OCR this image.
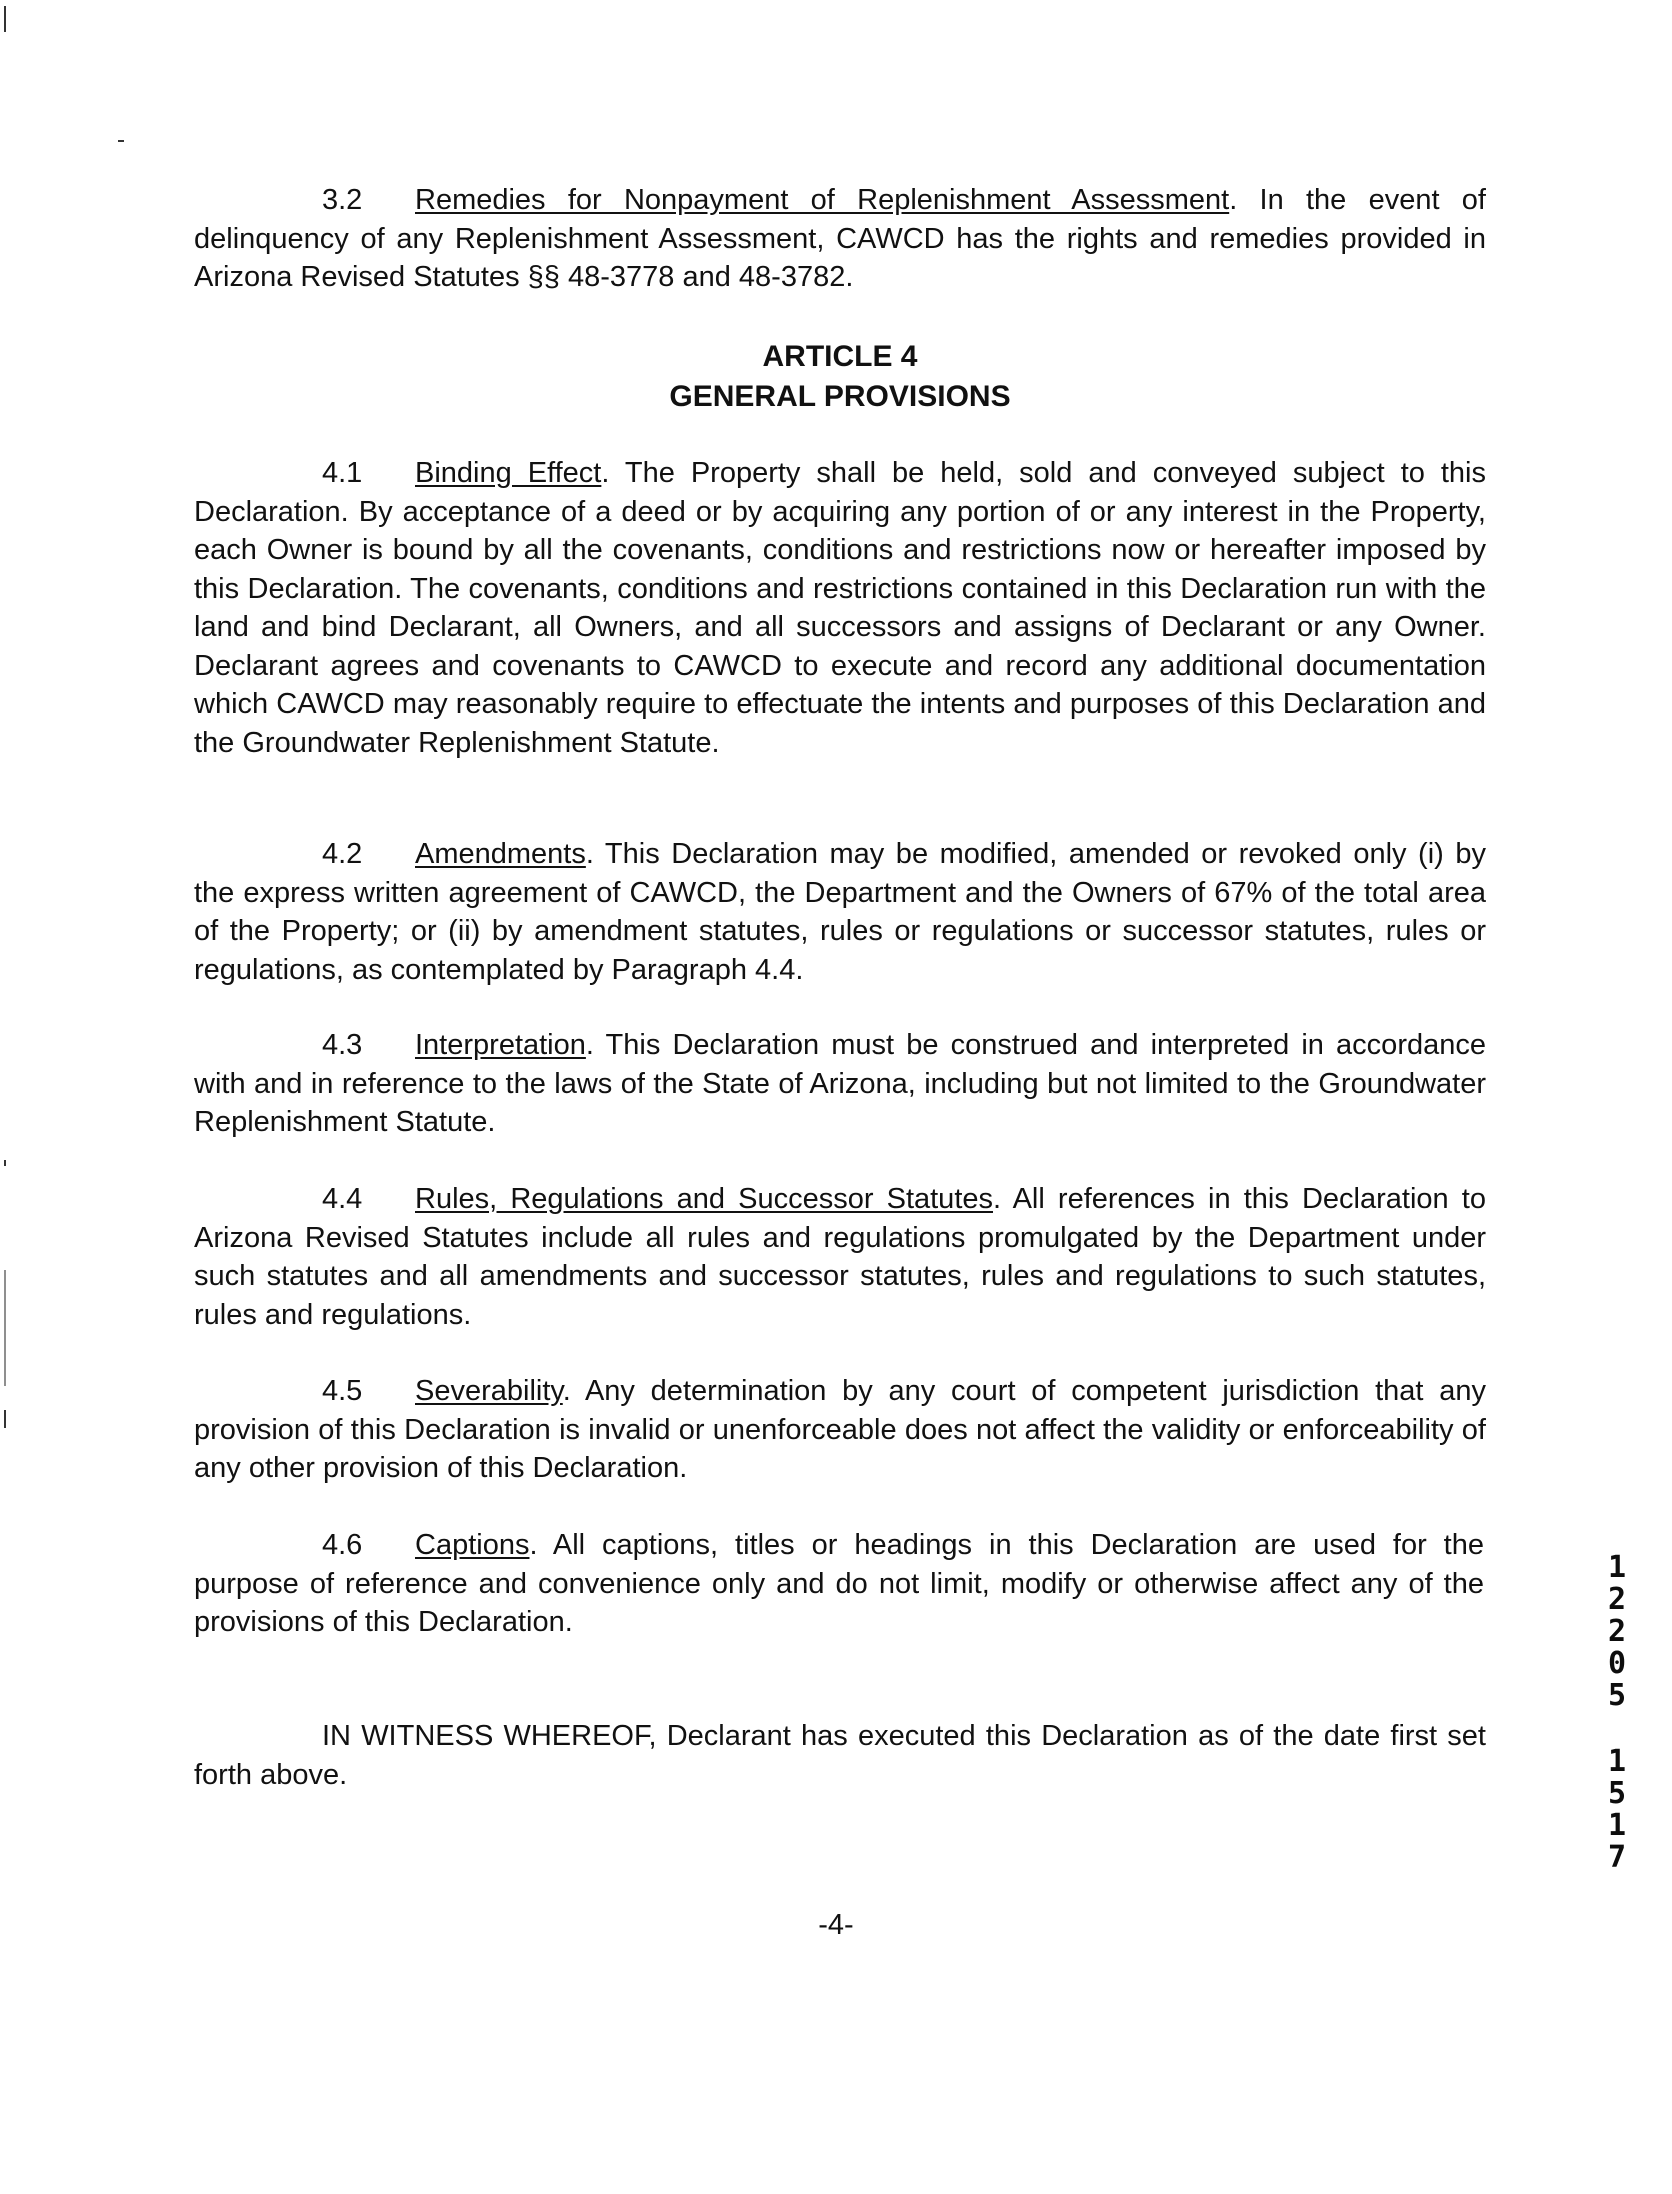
3.2 Remedies for Nonpayment of Replenishment Assessment. In the event of delinquency of any Replenishment Assessment, CAWCD has the rights and remedies provided in Arizona Revised Statutes §§ 48-3778 and 48-3782.

ARTICLE 4
GENERAL PROVISIONS

4.1 Binding Effect. The Property shall be held, sold and conveyed subject to this Declaration. By acceptance of a deed or by acquiring any portion of or any interest in the Property, each Owner is bound by all the covenants, conditions and restrictions now or hereafter imposed by this Declaration. The covenants, conditions and restrictions contained in this Declaration run with the land and bind Declarant, all Owners, and all successors and assigns of Declarant or any Owner. Declarant agrees and covenants to CAWCD to execute and record any additional documentation which CAWCD may reasonably require to effectuate the intents and purposes of this Declaration and the Groundwater Replenishment Statute.

4.2 Amendments. This Declaration may be modified, amended or revoked only (i) by the express written agreement of CAWCD, the Department and the Owners of 67% of the total area of the Property; or (ii) by amendment statutes, rules or regulations or successor statutes, rules or regulations, as contemplated by Paragraph 4.4.

4.3 Interpretation. This Declaration must be construed and interpreted in accordance with and in reference to the laws of the State of Arizona, including but not limited to the Groundwater Replenishment Statute.

4.4 Rules, Regulations and Successor Statutes. All references in this Declaration to Arizona Revised Statutes include all rules and regulations promulgated by the Department under such statutes and all amendments and successor statutes, rules and regulations to such statutes, rules and regulations.

4.5 Severability. Any determination by any court of competent jurisdiction that any provision of this Declaration is invalid or unenforceable does not affect the validity or enforceability of any other provision of this Declaration.

4.6 Captions. All captions, titles or headings in this Declaration are used for the purpose of reference and convenience only and do not limit, modify or otherwise affect any of the provisions of this Declaration.

IN WITNESS WHEREOF, Declarant has executed this Declaration as of the date first set forth above.

-4-
1
2
2
0
5
1
5
1
7
